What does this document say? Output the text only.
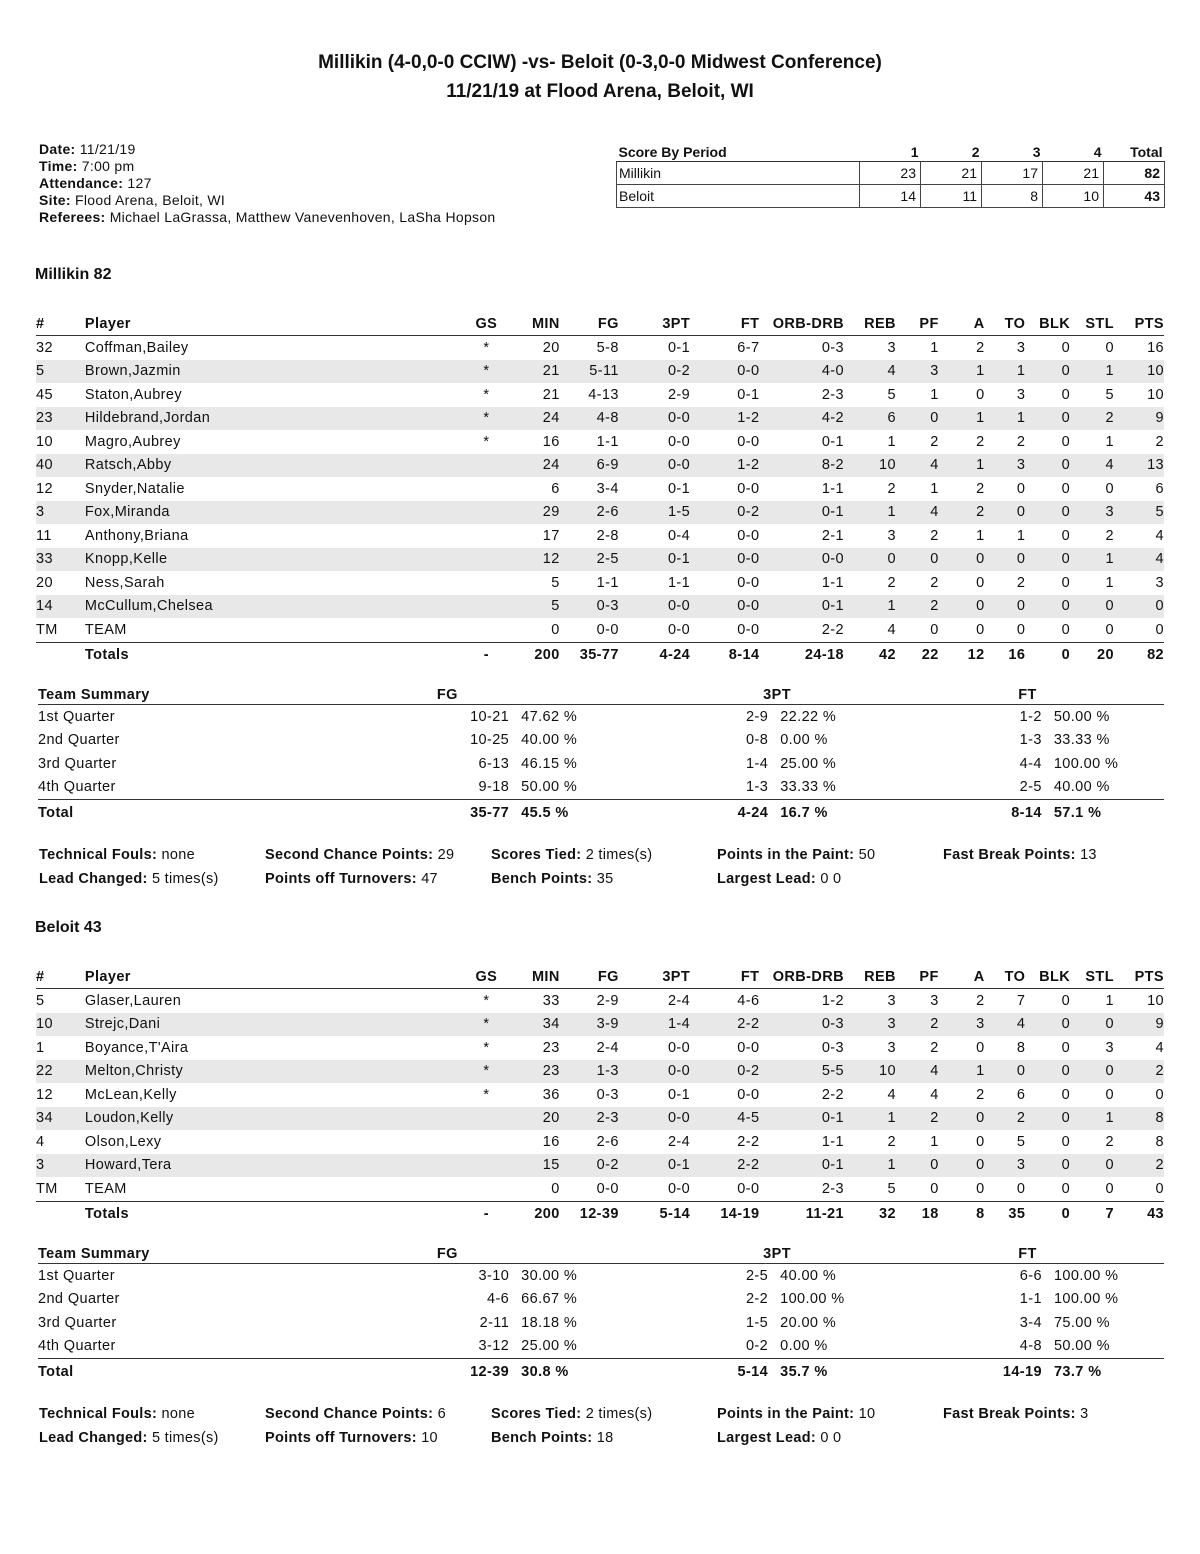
Millikin (4-0,0-0 CCIW) -vs- Beloit (0-3,0-0 Midwest Conference)
11/21/19 at Flood Arena, Beloit, WI
Date: 11/21/19
Time: 7:00 pm
Attendance: 127
Site: Flood Arena, Beloit, WI
Referees: Michael LaGrassa, Matthew Vanevenhoven, LaSha Hopson
Score By Period	1	2	3	4	Total
Millikin	23	21	17	21	82
Beloit	14	11	8	10	43
Millikin 82
#	Player	GS	MIN	FG	3PT	FT	ORB-DRB	REB	PF	A	TO	BLK	STL	PTS
32	Coffman,Bailey	*	20	5-8	0-1	6-7	0-3	3	1	2	3	0	0	16
5	Brown,Jazmin	*	21	5-11	0-2	0-0	4-0	4	3	1	1	0	1	10
45	Staton,Aubrey	*	21	4-13	2-9	0-1	2-3	5	1	0	3	0	5	10
23	Hildebrand,Jordan	*	24	4-8	0-0	1-2	4-2	6	0	1	1	0	2	9
10	Magro,Aubrey	*	16	1-1	0-0	0-0	0-1	1	2	2	2	0	1	2
40	Ratsch,Abby		24	6-9	0-0	1-2	8-2	10	4	1	3	0	4	13
12	Snyder,Natalie		6	3-4	0-1	0-0	1-1	2	1	2	0	0	0	6
3	Fox,Miranda		29	2-6	1-5	0-2	0-1	1	4	2	0	0	3	5
11	Anthony,Briana		17	2-8	0-4	0-0	2-1	3	2	1	1	0	2	4
33	Knopp,Kelle		12	2-5	0-1	0-0	0-0	0	0	0	0	0	1	4
20	Ness,Sarah		5	1-1	1-1	0-0	1-1	2	2	0	2	0	1	3
14	McCullum,Chelsea		5	0-3	0-0	0-0	0-1	1	2	0	0	0	0	0
TM	TEAM		0	0-0	0-0	0-0	2-2	4	0	0	0	0	0	0
	Totals	-	200	35-77	4-24	8-14	24-18	42	22	12	16	0	20	82
Team Summary	FG			3PT		FT	
1st Quarter	10-21	47.62 %		2-9	22.22 %	1-2	50.00 %
2nd Quarter	10-25	40.00 %		0-8	0.00 %	1-3	33.33 %
3rd Quarter	6-13	46.15 %		1-4	25.00 %	4-4	100.00 %
4th Quarter	9-18	50.00 %		1-3	33.33 %	2-5	40.00 %
Total	35-77	45.5 %		4-24	16.7 %	8-14	57.1 %
Technical Fouls: none	Second Chance Points: 29	Scores Tied: 2 times(s)	Points in the Paint: 50	Fast Break Points: 13
Lead Changed: 5 times(s)	Points off Turnovers: 47	Bench Points: 35	Largest Lead: 0 0
Beloit 43
#	Player	GS	MIN	FG	3PT	FT	ORB-DRB	REB	PF	A	TO	BLK	STL	PTS
5	Glaser,Lauren	*	33	2-9	2-4	4-6	1-2	3	3	2	7	0	1	10
10	Strejc,Dani	*	34	3-9	1-4	2-2	0-3	3	2	3	4	0	0	9
1	Boyance,T'Aira	*	23	2-4	0-0	0-0	0-3	3	2	0	8	0	3	4
22	Melton,Christy	*	23	1-3	0-0	0-2	5-5	10	4	1	0	0	0	2
12	McLean,Kelly	*	36	0-3	0-1	0-0	2-2	4	4	2	6	0	0	0
34	Loudon,Kelly		20	2-3	0-0	4-5	0-1	1	2	0	2	0	1	8
4	Olson,Lexy		16	2-6	2-4	2-2	1-1	2	1	0	5	0	2	8
3	Howard,Tera		15	0-2	0-1	2-2	0-1	1	0	0	3	0	0	2
TM	TEAM		0	0-0	0-0	0-0	2-3	5	0	0	0	0	0	0
	Totals	-	200	12-39	5-14	14-19	11-21	32	18	8	35	0	7	43
Team Summary	FG			3PT		FT	
1st Quarter	3-10	30.00 %		2-5	40.00 %	6-6	100.00 %
2nd Quarter	4-6	66.67 %		2-2	100.00 %	1-1	100.00 %
3rd Quarter	2-11	18.18 %		1-5	20.00 %	3-4	75.00 %
4th Quarter	3-12	25.00 %		0-2	0.00 %	4-8	50.00 %
Total	12-39	30.8 %		5-14	35.7 %	14-19	73.7 %
Technical Fouls: none	Second Chance Points: 6	Scores Tied: 2 times(s)	Points in the Paint: 10	Fast Break Points: 3
Lead Changed: 5 times(s)	Points off Turnovers: 10	Bench Points: 18	Largest Lead: 0 0
